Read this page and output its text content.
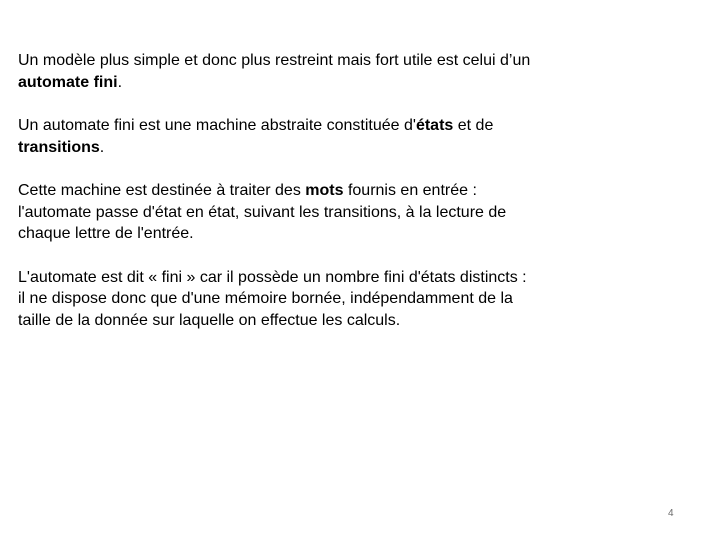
Un modèle plus simple et donc plus restreint mais fort utile est celui d’un automate fini.

Un automate fini est une machine abstraite constituée d'états et de transitions.

Cette machine est destinée à traiter des mots fournis en entrée : l'automate passe d'état en état, suivant les transitions, à la lecture de chaque lettre de l'entrée.

L'automate est dit « fini » car il possède un nombre fini d'états distincts : il ne dispose donc que d'une mémoire bornée, indépendamment de la taille de la donnée sur laquelle on effectue les calculs.

4
